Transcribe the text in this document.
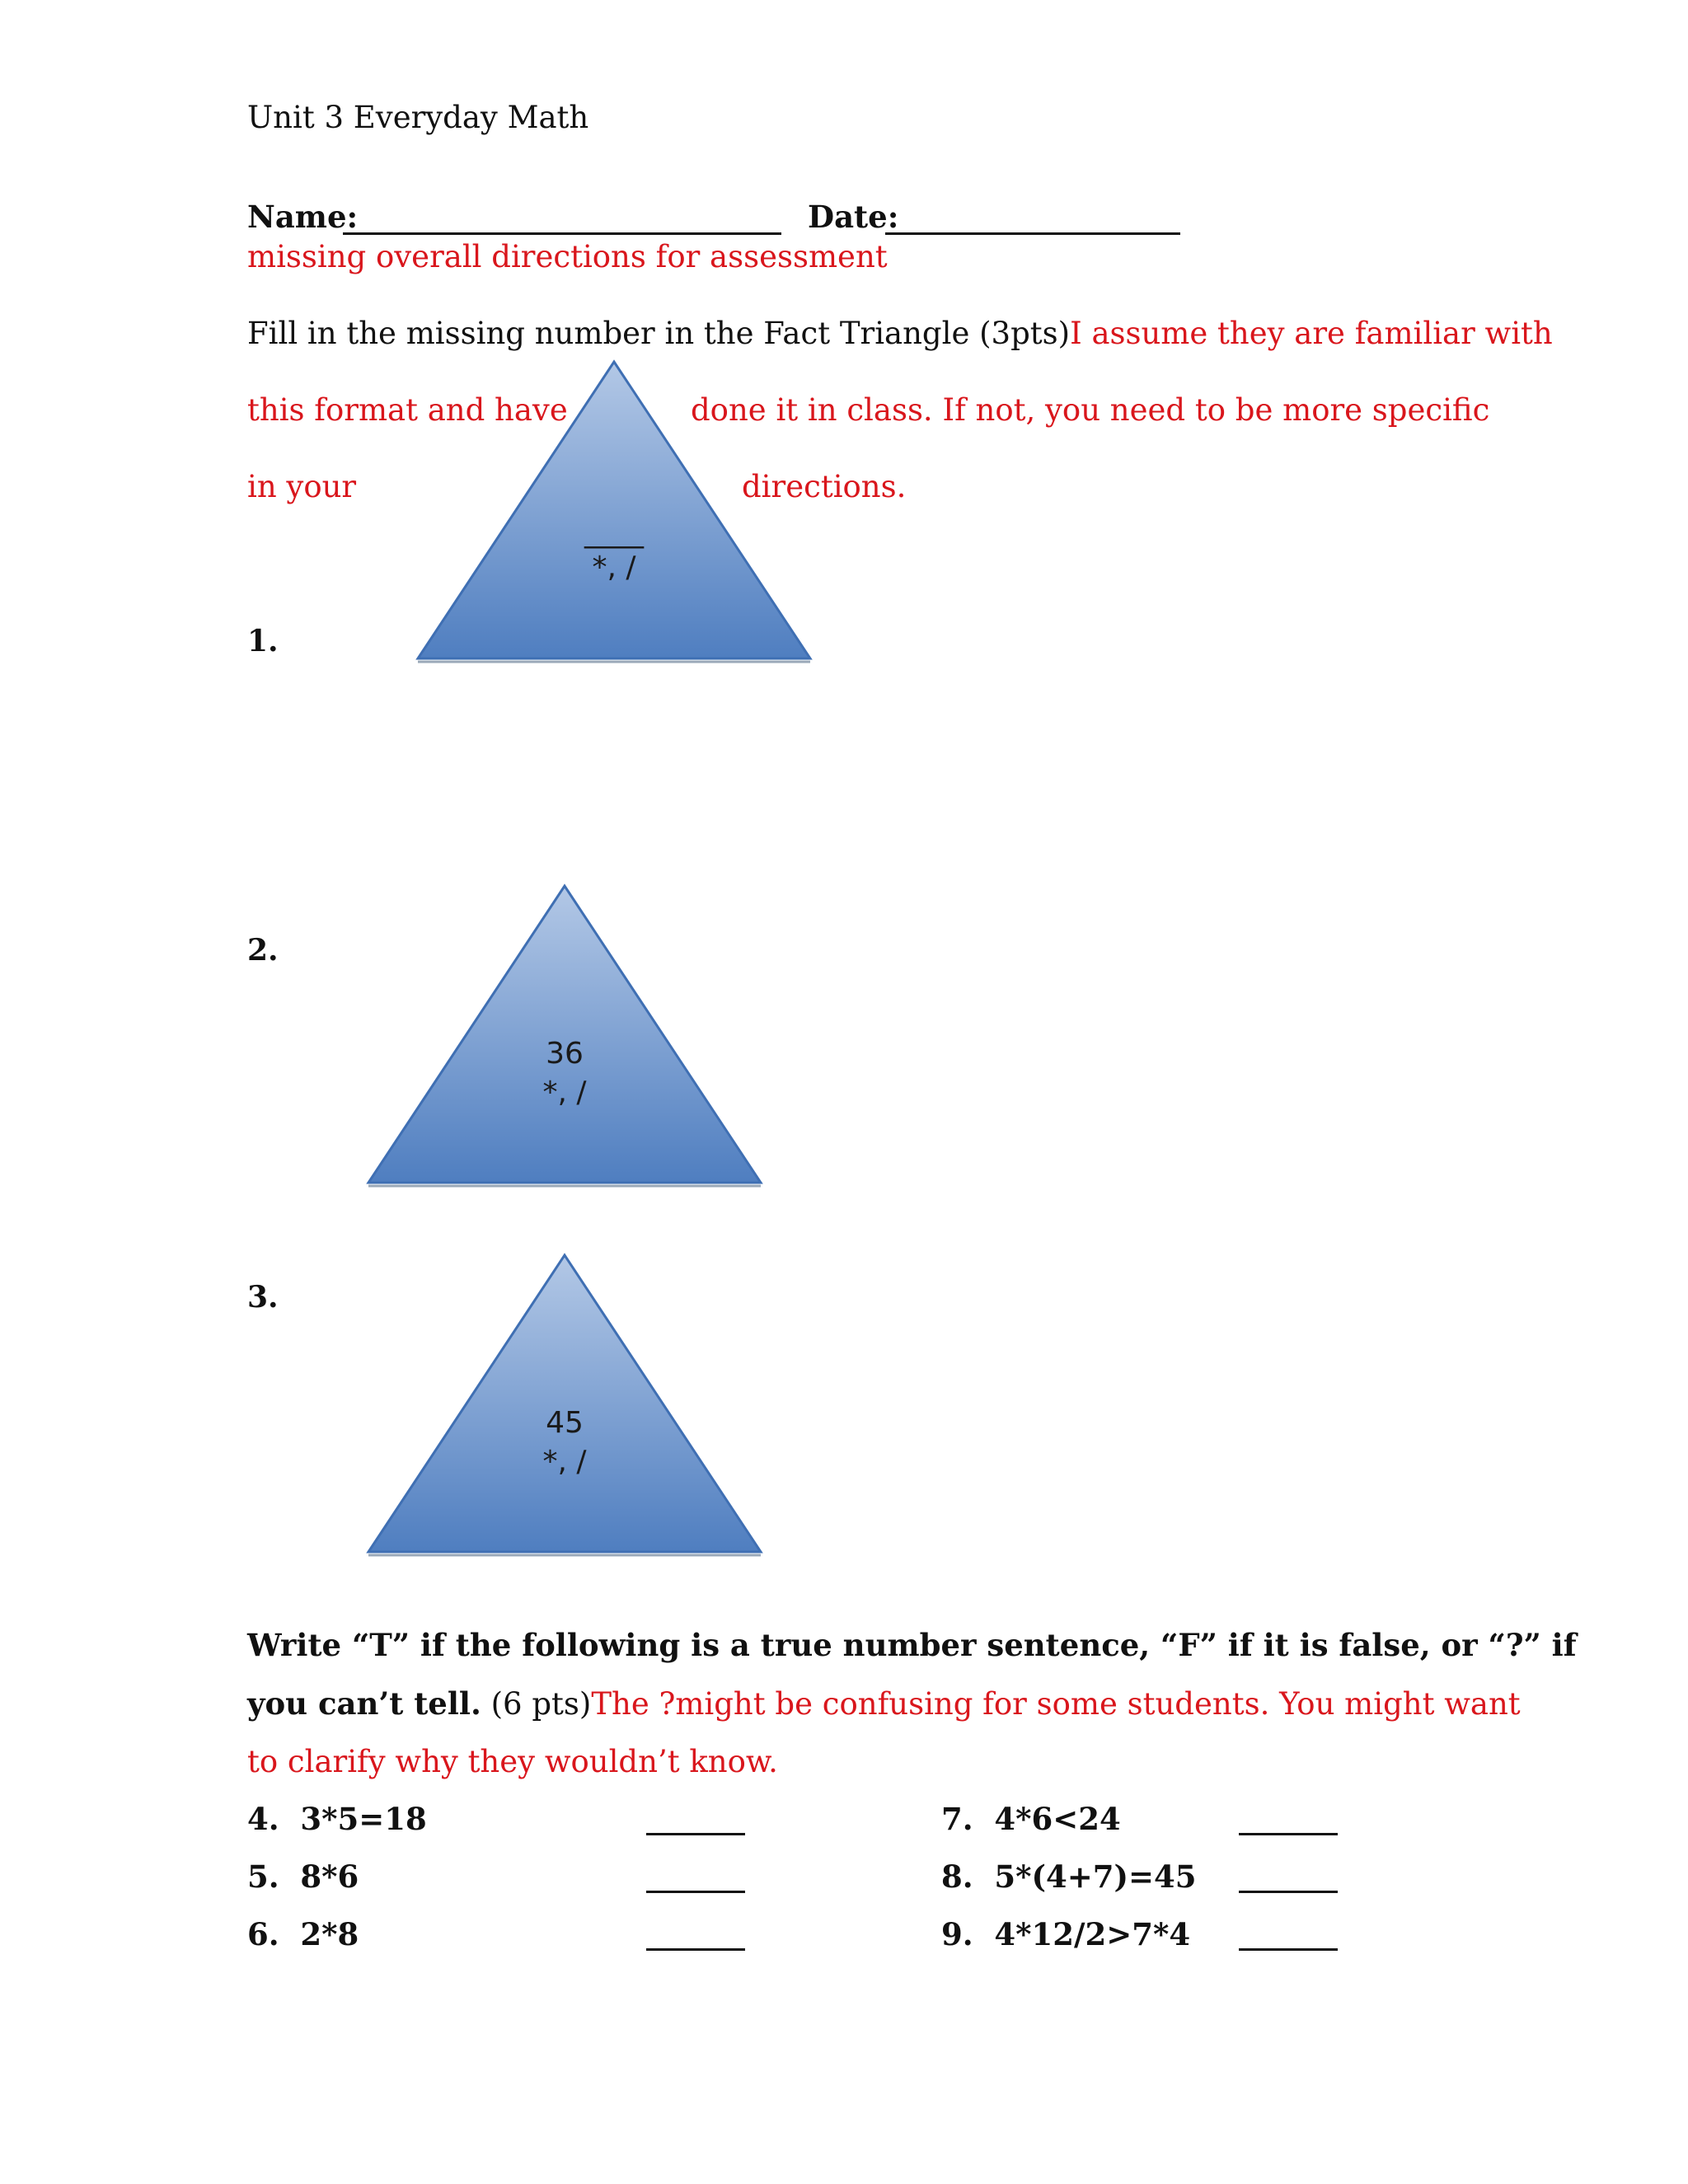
Unit 3 Everyday Math
Name:	Date:
missing overall directions for assessment
Fill in the missing number in the Fact Triangle (3pts)I assume they are familiar with
this format and have	done it in class. If not, you need to be more specific
in your	directions.
1.
____
*, /
2.
36
*, /
3.
45
*, /
Write “T” if the following is a true number sentence, “F” if it is false, or “?” if
you can’t tell. (6 pts)The ?might be confusing for some students. You might want
to clarify why they wouldn’t know.
4. 3*5=18
5. 8*6
6. 2*8
7. 4*6<24
8. 5*(4+7)=45
9. 4*12/2>7*4
